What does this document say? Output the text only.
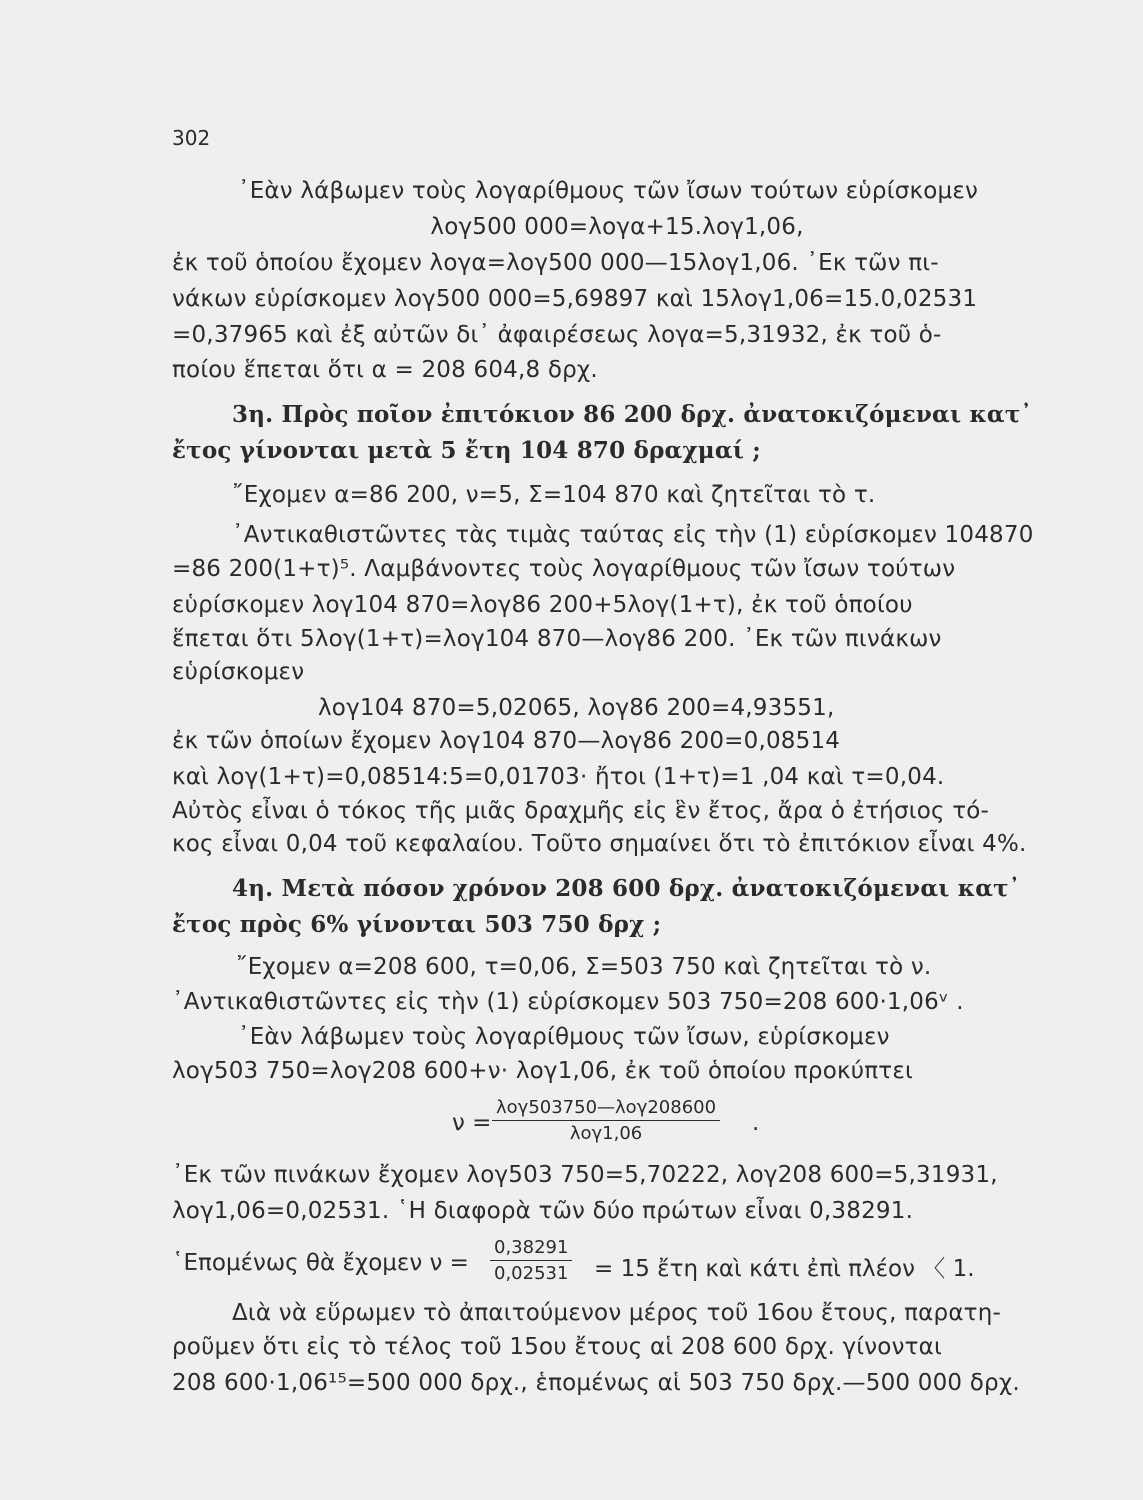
302
᾿Εὰν λάβωμεν τοὺς λογαρίθμους τῶν ἴσων τούτων εὑρίσκομεν
λογ500 000=λογα+15.λογ1,06,
ἐκ τοῦ ὁποίου ἔχομεν λογα=λογ500 000—15λογ1,06. ᾿Εκ τῶν πι-
νάκων εὑρίσκομεν λογ500 000=5,69897 καὶ 15λογ1,06=15.0,02531
=0,37965 καὶ ἐξ αὐτῶν δι᾿ ἀφαιρέσεως λογα=5,31932, ἐκ τοῦ ὁ-
ποίου ἕπεται ὅτι α = 208 604,8 δρχ.
3η. Πρὸς ποῖον ἐπιτόκιον 86 200 δρχ. ἀνατοκιζόμεναι κατ᾿
ἔτος γίνονται μετὰ 5 ἔτη 104 870 δραχμαί ;
῎Εχομεν α=86 200, ν=5, Σ=104 870 καὶ ζητεῖται τὸ τ.
᾿Αντικαθιστῶντες τὰς τιμὰς ταύτας εἰς τὴν (1) εὑρίσκομεν 104870
=86 200(1+τ)⁵. Λαμβάνοντες τοὺς λογαρίθμους τῶν ἴσων τούτων
εὑρίσκομεν λογ104 870=λογ86 200+5λογ(1+τ), ἐκ τοῦ ὁποίου
ἕπεται ὅτι 5λογ(1+τ)=λογ104 870—λογ86 200. ᾿Εκ τῶν πινάκων
εὑρίσκομεν
λογ104 870=5,02065, λογ86 200=4,93551,
ἐκ τῶν ὁποίων ἔχομεν λογ104 870—λογ86 200=0,08514
καὶ λογ(1+τ)=0,08514:5=0,01703· ἤτοι (1+τ)=1 ,04 καὶ τ=0,04.
Αὐτὸς εἶναι ὁ τόκος τῆς μιᾶς δραχμῆς εἰς ἓν ἔτος, ἄρα ὁ ἐτήσιος τό-
κος εἶναι 0,04 τοῦ κεφαλαίου. Τοῦτο σημαίνει ὅτι τὸ ἐπιτόκιον εἶναι 4%.
4η. Μετὰ πόσον χρόνον 208 600 δρχ. ἀνατοκιζόμεναι κατ᾿
ἔτος πρὸς 6% γίνονται 503 750 δρχ ;
῎Εχομεν α=208 600, τ=0,06, Σ=503 750 καὶ ζητεῖται τὸ ν.
᾿Αντικαθιστῶντες εἰς τὴν (1) εὑρίσκομεν 503 750=208 600·1,06ᵛ .
᾿Εὰν λάβωμεν τοὺς λογαρίθμους τῶν ἴσων, εὑρίσκομεν
λογ503 750=λογ208 600+ν· λογ1,06, ἐκ τοῦ ὁποίου προκύπτει
ν =
λογ503750—λογ208600
λογ1,06	.
᾿Εκ τῶν πινάκων ἔχομεν λογ503 750=5,70222, λογ208 600=5,31931,
λογ1,06=0,02531. ῾Η διαφορὰ τῶν δύο πρώτων εἶναι 0,38291.
῾Επομένως θὰ ἔχομεν $\nu = \frac{0,38291}{0,02531} = 15$ ἔτη καὶ κάτι ἐπὶ πλέον 〈 1.
Διὰ νὰ εὕρωμεν τὸ ἀπαιτούμενον μέρος τοῦ 16ου ἔτους, παρατη-
ροῦμεν ὅτι εἰς τὸ τέλος τοῦ 15ου ἔτους αἱ 208 600 δρχ. γίνονται
208 600·1,06¹⁵=500 000 δρχ., ἑπομένως αἱ 503 750 δρχ.—500 000 δρχ.
